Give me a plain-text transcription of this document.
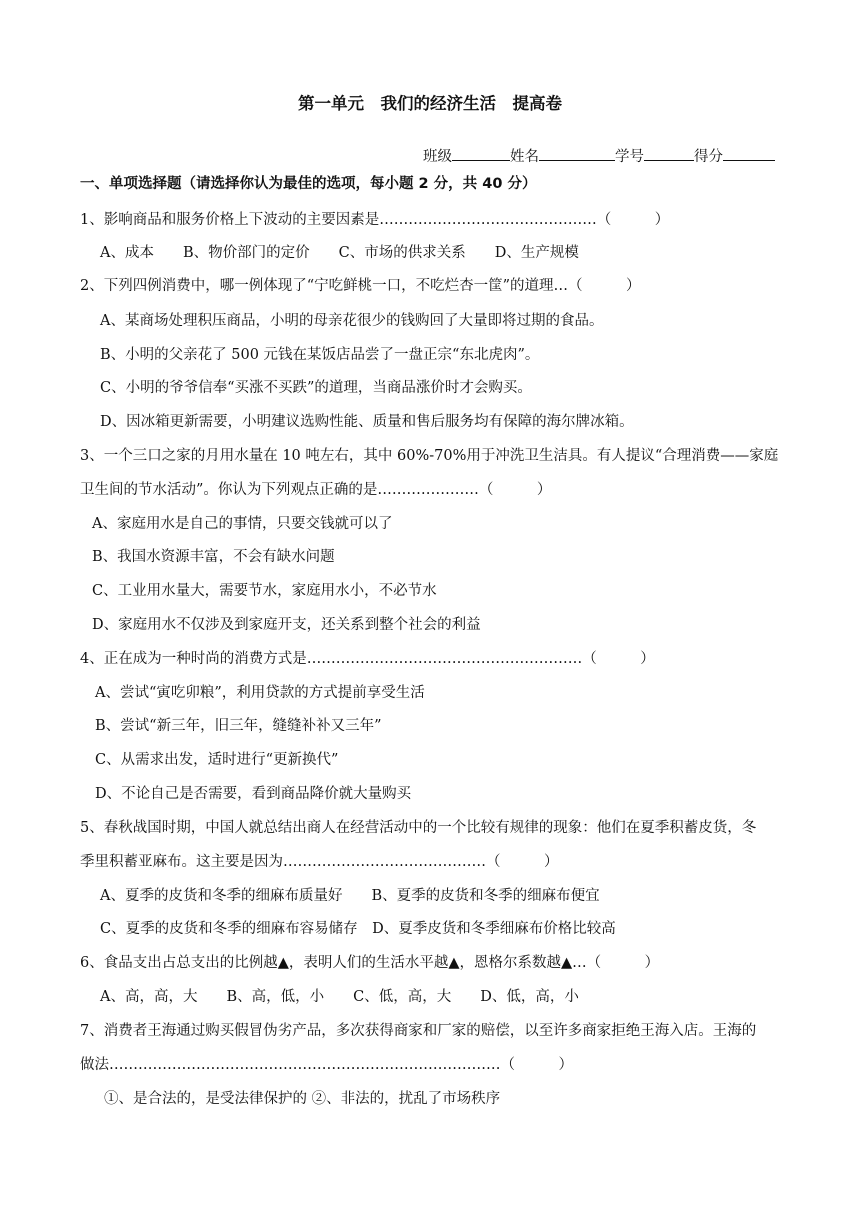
第一单元　我们的经济生活　提高卷
班级	姓名	学号	得分
一、单项选择题（请选择你认为最佳的选项，每小题 2 分，共 40 分）
1、影响商品和服务价格上下波动的主要因素是………………………………………（　　　）
A、成本　　B、物价部门的定价　　C、市场的供求关系　　D、生产规模
2、下列四例消费中，哪一例体现了“宁吃鲜桃一口，不吃烂杏一筐”的道理…（　　　）
A、某商场处理积压商品，小明的母亲花很少的钱购回了大量即将过期的食品。
B、小明的父亲花了 500 元钱在某饭店品尝了一盘正宗“东北虎肉”。
C、小明的爷爷信奉“买涨不买跌”的道理，当商品涨价时才会购买。
D、因冰箱更新需要，小明建议选购性能、质量和售后服务均有保障的海尔牌冰箱。
3、一个三口之家的月用水量在 10 吨左右，其中 60%-70%用于冲洗卫生洁具。有人提议“合理消费——家庭
卫生间的节水活动”。你认为下列观点正确的是…………………（　　　）
A、家庭用水是自己的事情，只要交钱就可以了
B、我国水资源丰富，不会有缺水问题
C、工业用水量大，需要节水，家庭用水小，不必节水
D、家庭用水不仅涉及到家庭开支，还关系到整个社会的利益
4、正在成为一种时尚的消费方式是…………………………………………………（　　　）
A、尝试“寅吃卯粮”，利用贷款的方式提前享受生活
B、尝试“新三年，旧三年，缝缝补补又三年”
C、从需求出发，适时进行“更新换代”
D、不论自己是否需要，看到商品降价就大量购买
5、春秋战国时期，中国人就总结出商人在经营活动中的一个比较有规律的现象：他们在夏季积蓄皮货，冬
季里积蓄亚麻布。这主要是因为……………………………………（　　　）
A、夏季的皮货和冬季的细麻布质量好　　B、夏季的皮货和冬季的细麻布便宜
C、夏季的皮货和冬季的细麻布容易储存　D、夏季皮货和冬季细麻布价格比较高
6、食品支出占总支出的比例越▲，表明人们的生活水平越▲，恩格尔系数越▲…（　　　）
A、高，高，大　　B、高，低，小　　C、低，高，大　　D、低，高，小
7、消费者王海通过购买假冒伪劣产品，多次获得商家和厂家的赔偿，以至许多商家拒绝王海入店。王海的
做法………………………………………………………………………（　　　）
①、是合法的，是受法律保护的 ②、非法的，扰乱了市场秩序
